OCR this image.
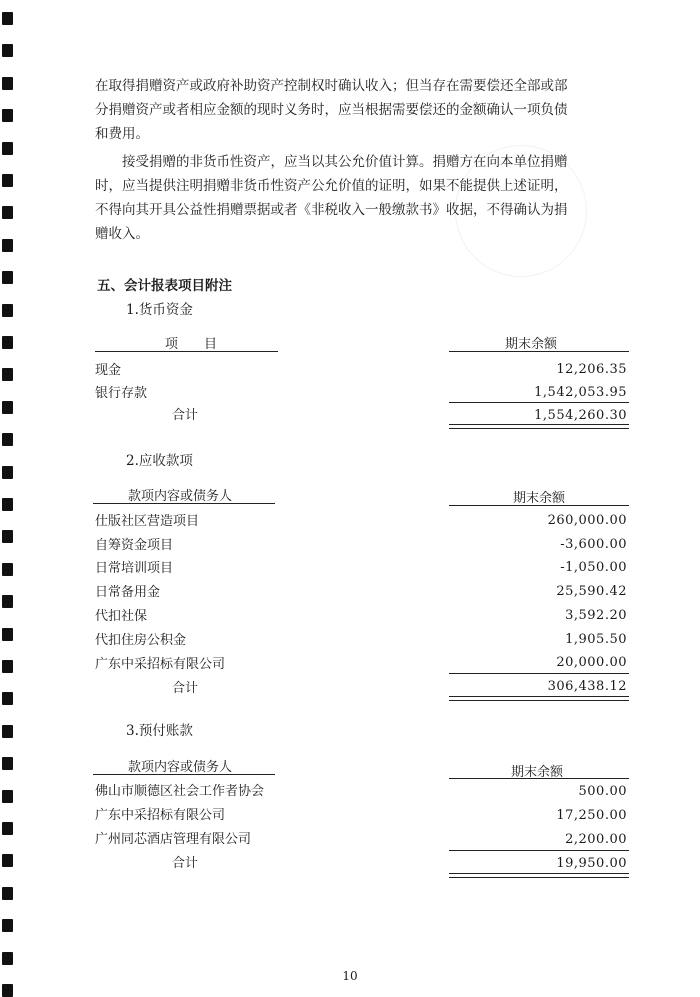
在取得捐赠资产或政府补助资产控制权时确认收入；但当存在需要偿还全部或部
分捐赠资产或者相应金额的现时义务时，应当根据需要偿还的金额确认一项负债
和费用。
接受捐赠的非货币性资产，应当以其公允价值计算。捐赠方在向本单位捐赠
时，应当提供注明捐赠非货币性资产公允价值的证明，如果不能提供上述证明，
不得向其开具公益性捐赠票据或者《非税收入一般缴款书》收据，不得确认为捐
赠收入。
五、会计报表项目附注
1.货币资金
项　　目	期末余额
现金	12,206.35
银行存款	1,542,053.95
合计	1,554,260.30
2.应收款项
款项内容或债务人	期末余额
仕版社区营造项目	260,000.00
自筹资金项目	-3,600.00
日常培训项目	-1,050.00
日常备用金	25,590.42
代扣社保	3,592.20
代扣住房公积金	1,905.50
广东中采招标有限公司	20,000.00
合计	306,438.12
3.预付账款
款项内容或债务人	期末余额
佛山市顺德区社会工作者协会	500.00
广东中采招标有限公司	17,250.00
广州同芯酒店管理有限公司	2,200.00
合计	19,950.00
10
